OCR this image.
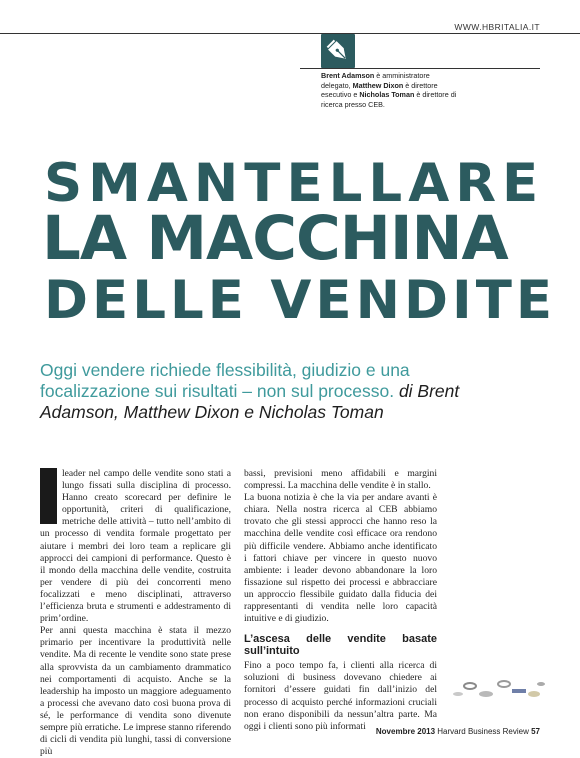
WWW.HBRITALIA.IT
Brent Adamson è amministratore delegato, Matthew Dixon è direttore esecutivo e Nicholas Toman è direttore di ricerca presso CEB.
SMANTELLARE
LA MACCHINA
DELLE VENDITE
Oggi vendere richiede flessibilità, giudizio e una focalizzazione sui risultati – non sul processo. di Brent Adamson, Matthew Dixon e Nicholas Toman

leader nel campo delle vendite sono stati a lungo fissati sulla disciplina di processo. Hanno creato scorecard per definire le opportunità, criteri di qualificazione, metriche delle attività – tutto nell’ambito di un processo di vendita formale progettato per aiutare i membri dei loro team a replicare gli approcci dei campioni di performance. Questo è il mondo della macchina delle vendite, costruita per vendere di più dei concorrenti meno focalizzati e meno disciplinati, attraverso l’efficienza bruta e strumenti e addestramento di prim’ordine.

Per anni questa macchina è stata il mezzo primario per incentivare la produttività nelle vendite. Ma di recente le vendite sono state prese alla sprovvista da un cambiamento drammatico nei comportamenti di acquisto. Anche se la leadership ha imposto un maggiore adeguamento a processi che avevano dato così buona prova di sé, le performance di vendita sono divenute sempre più erratiche. Le imprese stanno riferendo di cicli di vendita più lunghi, tassi di conversione più

bassi, previsioni meno affidabili e margini compressi. La macchina delle vendite è in stallo.

La buona notizia è che la via per andare avanti è chiara. Nella nostra ricerca al CEB abbiamo trovato che gli stessi approcci che hanno reso la macchina delle vendite così efficace ora rendono più difficile vendere. Abbiamo anche identificato i fattori chiave per vincere in questo nuovo ambiente: i leader devono abbandonare la loro fissazione sul rispetto dei processi e abbracciare un approccio flessibile guidato dalla fiducia dei rappresentanti di vendita nelle loro capacità intuitive e di giudizio.

L’ascesa delle vendite basate sull’intuito

Fino a poco tempo fa, i clienti alla ricerca di soluzioni di business dovevano chiedere ai fornitori d’essere guidati fin dall’inizio del processo di acquisto perché informazioni cruciali non erano disponibili da nessun’altra parte. Ma oggi i clienti sono più informati	Novembre 2013 Harvard Business Review 57
